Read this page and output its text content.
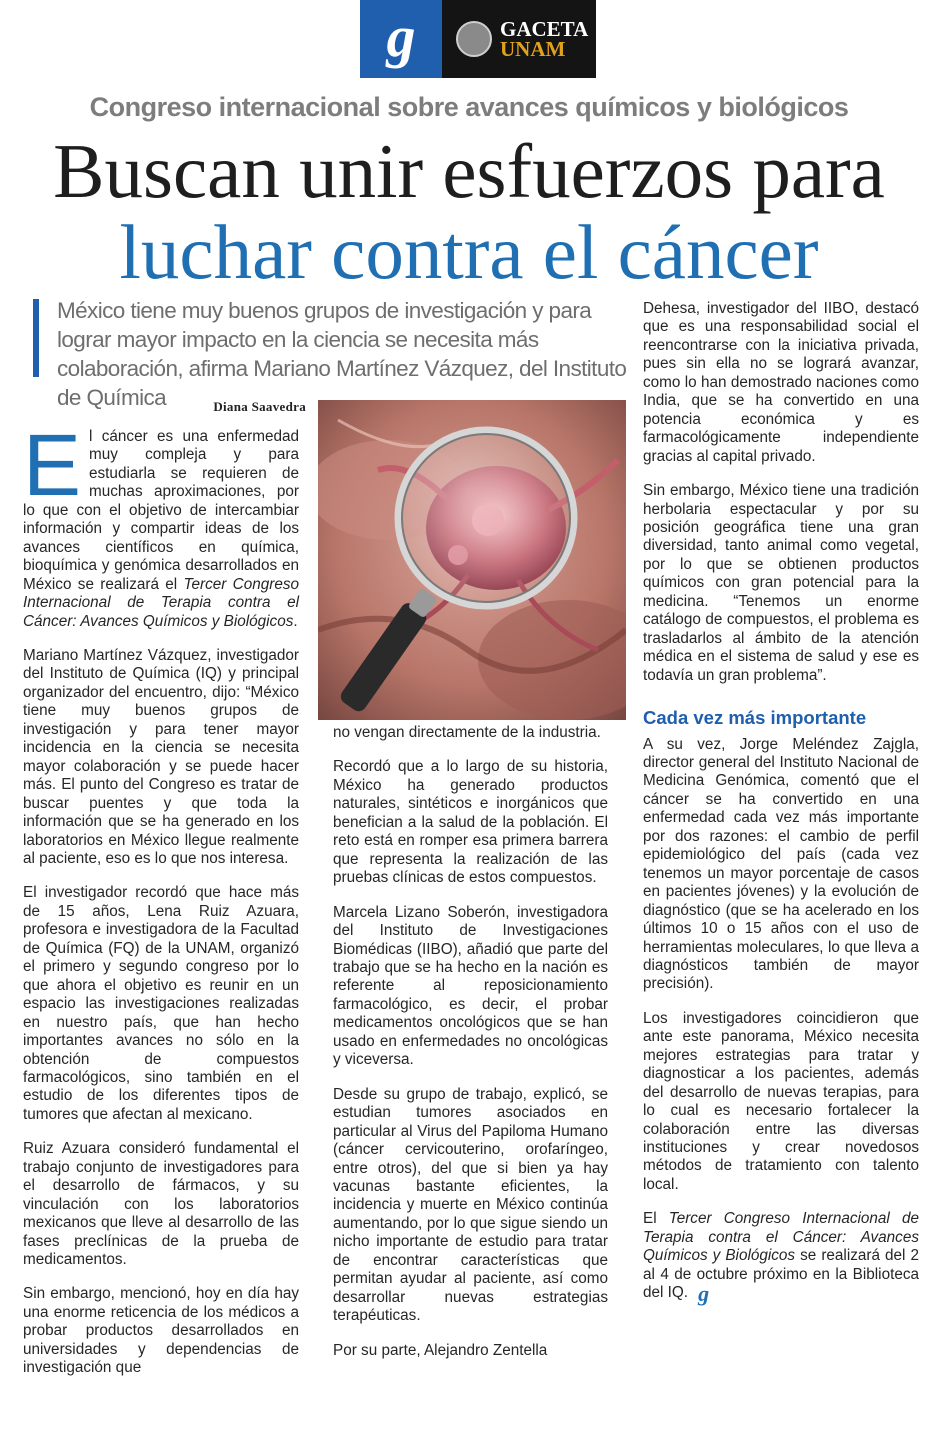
g	GACETA
UNAM
Congreso internacional sobre avances químicos y biológicos
Buscan unir esfuerzos para
luchar contra el cáncer
México tiene muy buenos grupos de investigación y para lograr mayor impacto en la ciencia se necesita más colaboración, afirma Mariano Martínez Vázquez, del Instituto de Química	Diana Saavedra

El cáncer es una enfermedad muy compleja y para estudiarla se requieren de muchas aproximaciones, por lo que con el objetivo de intercambiar información y compartir ideas de los avances científicos en química, bioquímica y genómica desarrollados en México se realizará el Tercer Congreso Internacional de Terapia contra el Cáncer: Avances Químicos y Biológicos.

Mariano Martínez Vázquez, investigador del Instituto de Química (IQ) y principal organizador del encuentro, dijo: “México tiene muy buenos grupos de investigación y para tener mayor incidencia en la ciencia se necesita mayor colaboración y se puede hacer más. El punto del Congreso es tratar de buscar puentes y que toda la información que se ha generado en los laboratorios en México llegue realmente al paciente, eso es lo que nos interesa.

El investigador recordó que hace más de 15 años, Lena Ruiz Azuara, profesora e investigadora de la Facultad de Química (FQ) de la UNAM, organizó el primero y segundo congreso por lo que ahora el objetivo es reunir en un espacio las investigaciones realizadas en nuestro país, que han hecho importantes avances no sólo en la obtención de compuestos farmacológicos, sino también en el estudio de los diferentes tipos de tumores que afectan al mexicano.

Ruiz Azuara consideró fundamental el trabajo conjunto de investigadores para el desarrollo de fármacos, y su vinculación con los laboratorios mexicanos que lleve al desarrollo de las fases preclínicas de la prueba de medicamentos.

Sin embargo, mencionó, hoy en día hay una enorme reticencia de los médicos a probar productos desarrollados en universidades y dependencias de investigación que

no vengan directamente de la industria.

Recordó que a lo largo de su historia, México ha generado productos naturales, sintéticos e inorgánicos que benefician a la salud de la población. El reto está en romper esa primera barrera que representa la realización de las pruebas clínicas de estos compuestos.

Marcela Lizano Soberón, investigadora del Instituto de Investigaciones Biomédicas (IIBO), añadió que parte del trabajo que se ha hecho en la nación es referente al reposicionamiento farmacológico, es decir, el probar medicamentos oncológicos que se han usado en enfermedades no oncológicas y viceversa.

Desde su grupo de trabajo, explicó, se estudian tumores asociados en particular al Virus del Papiloma Humano (cáncer cervicouterino, orofaríngeo, entre otros), del que si bien ya hay vacunas bastante eficientes, la incidencia y muerte en México continúa aumentando, por lo que sigue siendo un nicho importante de estudio para tratar de encontrar características que permitan ayudar al paciente, así como desarrollar nuevas estrategias terapéuticas.

Por su parte, Alejandro Zentella

Dehesa, investigador del IIBO, destacó que es una responsabilidad social el reencontrarse con la iniciativa privada, pues sin ella no se logrará avanzar, como lo han demostrado naciones como India, que se ha convertido en una potencia económica y es farmacológicamente independiente gracias al capital privado.

Sin embargo, México tiene una tradición herbolaria espectacular y por su posición geográfica tiene una gran diversidad, tanto animal como vegetal, por lo que se obtienen productos químicos con gran potencial para la medicina. “Tenemos un enorme catálogo de compuestos, el problema es trasladarlos al ámbito de la atención médica en el sistema de salud y ese es todavía un gran problema”.

Cada vez más importante

A su vez, Jorge Meléndez Zajgla, director general del Instituto Nacional de Medicina Genómica, comentó que el cáncer se ha convertido en una enfermedad cada vez más importante por dos razones: el cambio de perfil epidemiológico del país (cada vez tenemos un mayor porcentaje de casos en pacientes jóvenes) y la evolución de diagnóstico (que se ha acelerado en los últimos 10 o 15 años con el uso de herramientas moleculares, lo que lleva a diagnósticos también de mayor precisión).

Los investigadores coincidieron que ante este panorama, México necesita mejores estrategias para tratar y diagnosticar a los pacientes, además del desarrollo de nuevas terapias, para lo cual es necesario fortalecer la colaboración entre las diversas instituciones y crear novedosos métodos de tratamiento con talento local.

El Tercer Congreso Internacional de Terapia contra el Cáncer: Avances Químicos y Biológicos se realizará del 2 al 4 de octubre próximo en la Biblioteca del IQ. g
